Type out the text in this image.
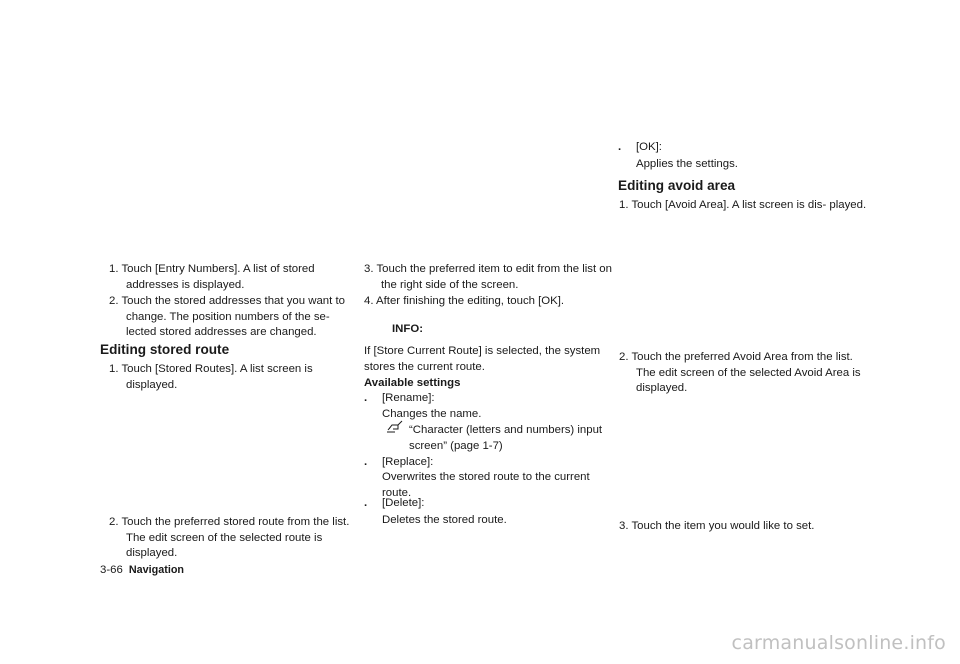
1. Touch [Entry Numbers]. A list of stored addresses is displayed.
2. Touch the stored addresses that you want to change. The position numbers of the se- lected stored addresses are changed.
Editing stored route
1. Touch [Stored Routes]. A list screen is displayed.
2. Touch the preferred stored route from the list. The edit screen of the selected route is displayed.
3. Touch the preferred item to edit from the list on the right side of the screen.
4. After finishing the editing, touch [OK].
INFO:
If [Store Current Route] is selected, the system stores the current route.
Available settings
. [Rename]:
Changes the name.
“Character (letters and numbers) input screen” (page 1-7)
. [Replace]:
Overwrites the stored route to the current route.
. [Delete]:
Deletes the stored route.
. [OK]:
Applies the settings.
Editing avoid area
1. Touch [Avoid Area]. A list screen is dis- played.
2. Touch the preferred Avoid Area from the list. The edit screen of the selected Avoid Area is displayed.
3. Touch the item you would like to set.
3-66 Navigation
carmanualsonline.info
